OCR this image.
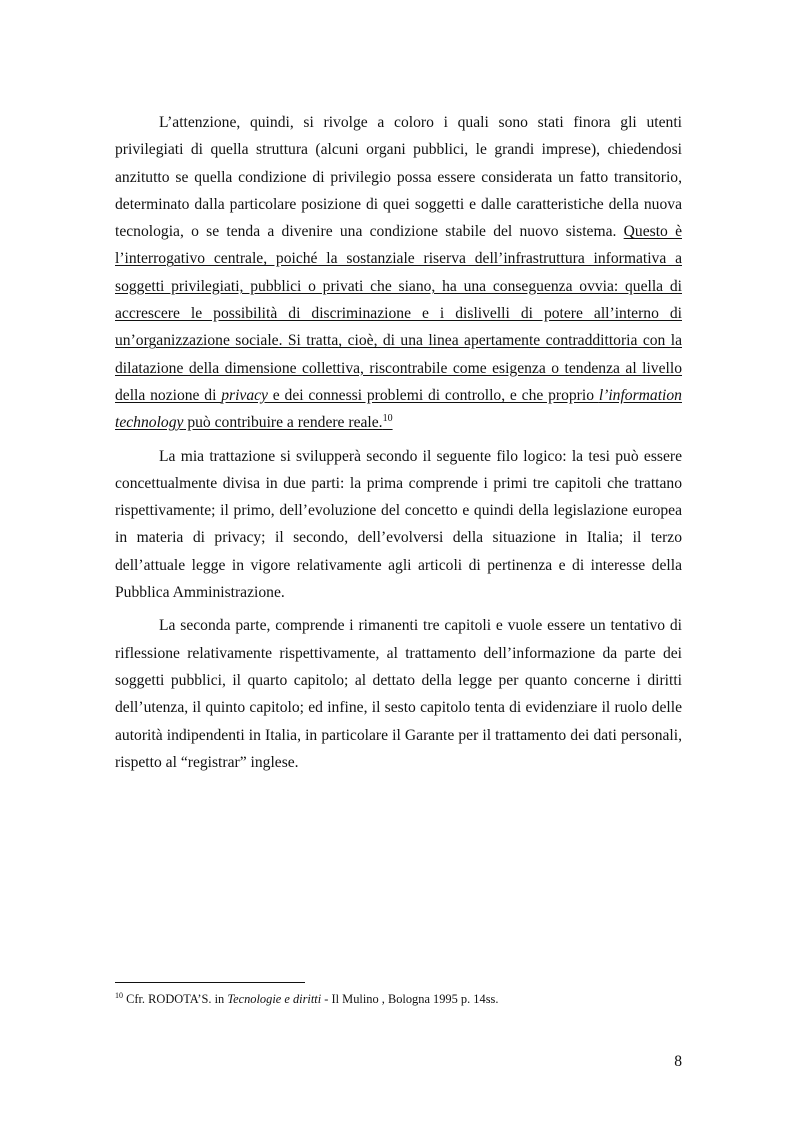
L’attenzione, quindi, si rivolge a coloro i quali sono stati finora gli utenti privilegiati di quella struttura (alcuni organi pubblici, le grandi imprese), chiedendosi anzitutto se quella condizione di privilegio possa essere considerata un fatto transitorio, determinato dalla particolare posizione di quei soggetti e dalle caratteristiche della nuova tecnologia, o se tenda a divenire una condizione stabile del nuovo sistema. Questo è l’interrogativo centrale, poiché la sostanziale riserva dell’infrastruttura informativa a soggetti privilegiati, pubblici o privati che siano, ha una conseguenza ovvia: quella di accrescere le possibilità di discriminazione e i dislivelli di potere all’interno di un’organizzazione sociale. Si tratta, cioè, di una linea apertamente contraddittoria con la dilatazione della dimensione collettiva, riscontrabile come esigenza o tendenza al livello della nozione di privacy e dei connessi problemi di controllo, e che proprio l’information technology può contribuire a rendere reale.$^{10}$

La mia trattazione si svilupperà secondo il seguente filo logico: la tesi può essere concettualmente divisa in due parti: la prima comprende i primi tre capitoli che trattano rispettivamente; il primo, dell’evoluzione del concetto e quindi della legislazione europea in materia di privacy; il secondo, dell’evolversi della situazione in Italia; il terzo dell’attuale legge in vigore relativamente agli articoli di pertinenza e di interesse della Pubblica Amministrazione.

La seconda parte, comprende i rimanenti tre capitoli e vuole essere un tentativo di riflessione relativamente rispettivamente, al trattamento dell’informazione da parte dei soggetti pubblici, il quarto capitolo; al dettato della legge per quanto concerne i diritti dell’utenza, il quinto capitolo; ed infine, il sesto capitolo tenta di evidenziare il ruolo delle autorità indipendenti in Italia, in particolare il Garante per il trattamento dei dati personali, rispetto al “registrar” inglese.

$^{10}$ Cfr. RODOTA’S. in Tecnologie e diritti - Il Mulino , Bologna 1995 p. 14ss.
8
